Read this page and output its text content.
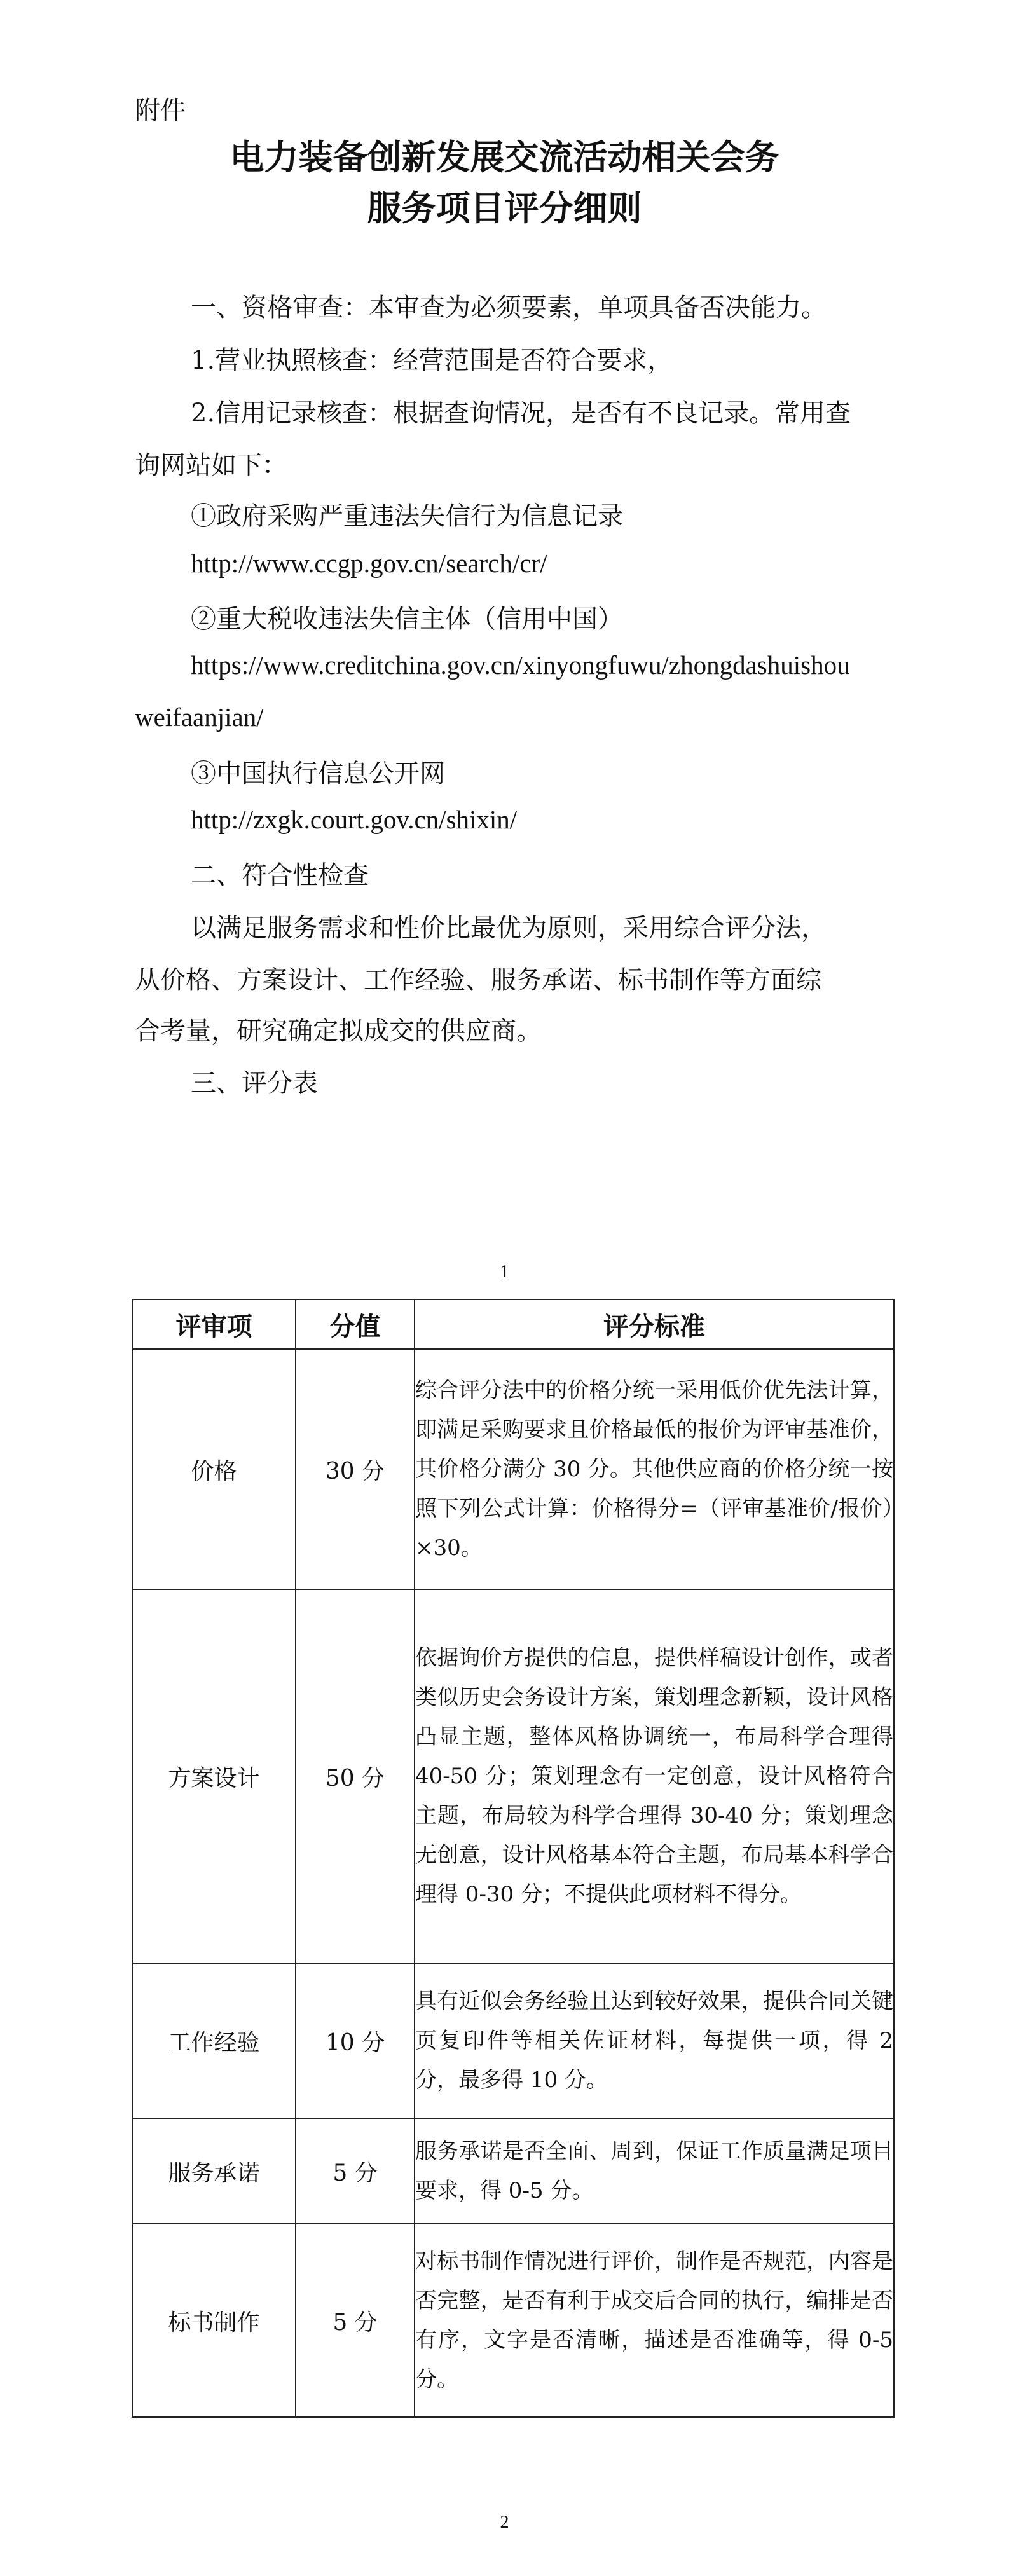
附件
电力装备创新发展交流活动相关会务
服务项目评分细则
一、资格审查：本审查为必须要素，单项具备否决能力。
1.营业执照核查：经营范围是否符合要求，
2.信用记录核查：根据查询情况，是否有不良记录。常用查
询网站如下：
①政府采购严重违法失信行为信息记录
http://www.ccgp.gov.cn/search/cr/
②重大税收违法失信主体（信用中国）
https://www.creditchina.gov.cn/xinyongfuwu/zhongdashuishou
weifaanjian/
③中国执行信息公开网
http://zxgk.court.gov.cn/shixin/
二、符合性检查
以满足服务需求和性价比最优为原则，采用综合评分法，
从价格、方案设计、工作经验、服务承诺、标书制作等方面综
合考量，研究确定拟成交的供应商。
三、评分表
1
评审项	分值	评分标准
价格	30 分	综合评分法中的价格分统一采用低价优先法计算，即满足采购要求且价格最低的报价为评审基准价，其价格分满分 30 分。其他供应商的价格分统一按照下列公式计算：价格得分=（评审基准价/报价）×30。
方案设计	50 分	依据询价方提供的信息，提供样稿设计创作，或者类似历史会务设计方案，策划理念新颖，设计风格凸显主题，整体风格协调统一，布局科学合理得 40-50 分；策划理念有一定创意，设计风格符合主题，布局较为科学合理得 30-40 分；策划理念无创意，设计风格基本符合主题，布局基本科学合理得 0-30 分；不提供此项材料不得分。
工作经验	10 分	具有近似会务经验且达到较好效果，提供合同关键页复印件等相关佐证材料，每提供一项，得 2 分，最多得 10 分。
服务承诺	5 分	服务承诺是否全面、周到，保证工作质量满足项目要求，得 0-5 分。
标书制作	5 分	对标书制作情况进行评价，制作是否规范，内容是否完整，是否有利于成交后合同的执行，编排是否有序，文字是否清晰，描述是否准确等，得 0-5 分。
2
